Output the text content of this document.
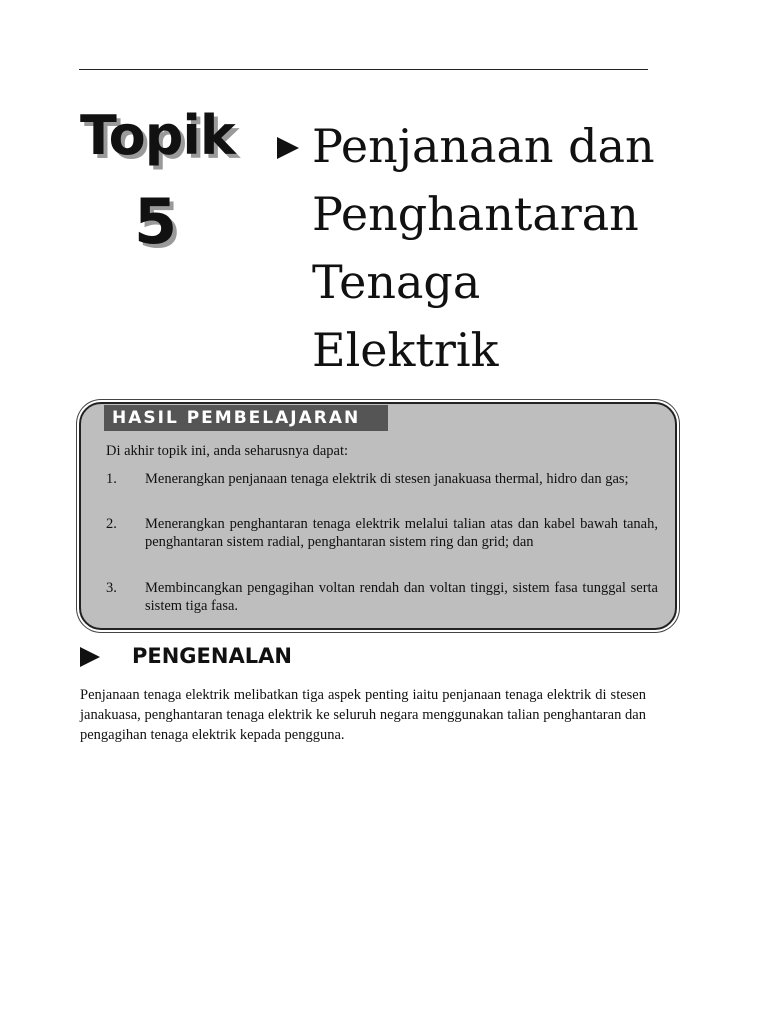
Topik
5
Penjanaan dan
Penghantaran
Tenaga
Elektrik
HASIL PEMBELAJARAN

Di akhir topik ini, anda seharusnya dapat:

1. Menerangkan penjanaan tenaga elektrik di stesen janakuasa thermal, hidro dan gas;
2. Menerangkan penghantaran tenaga elektrik melalui talian atas dan kabel bawah tanah, penghantaran sistem radial, penghantaran sistem ring dan grid; dan
3. Membincangkan pengagihan voltan rendah dan voltan tinggi, sistem fasa tunggal serta sistem tiga fasa.
PENGENALAN

Penjanaan tenaga elektrik melibatkan tiga aspek penting iaitu penjanaan tenaga elektrik di stesen janakuasa, penghantaran tenaga elektrik ke seluruh negara menggunakan talian penghantaran dan pengagihan tenaga elektrik kepada pengguna.
